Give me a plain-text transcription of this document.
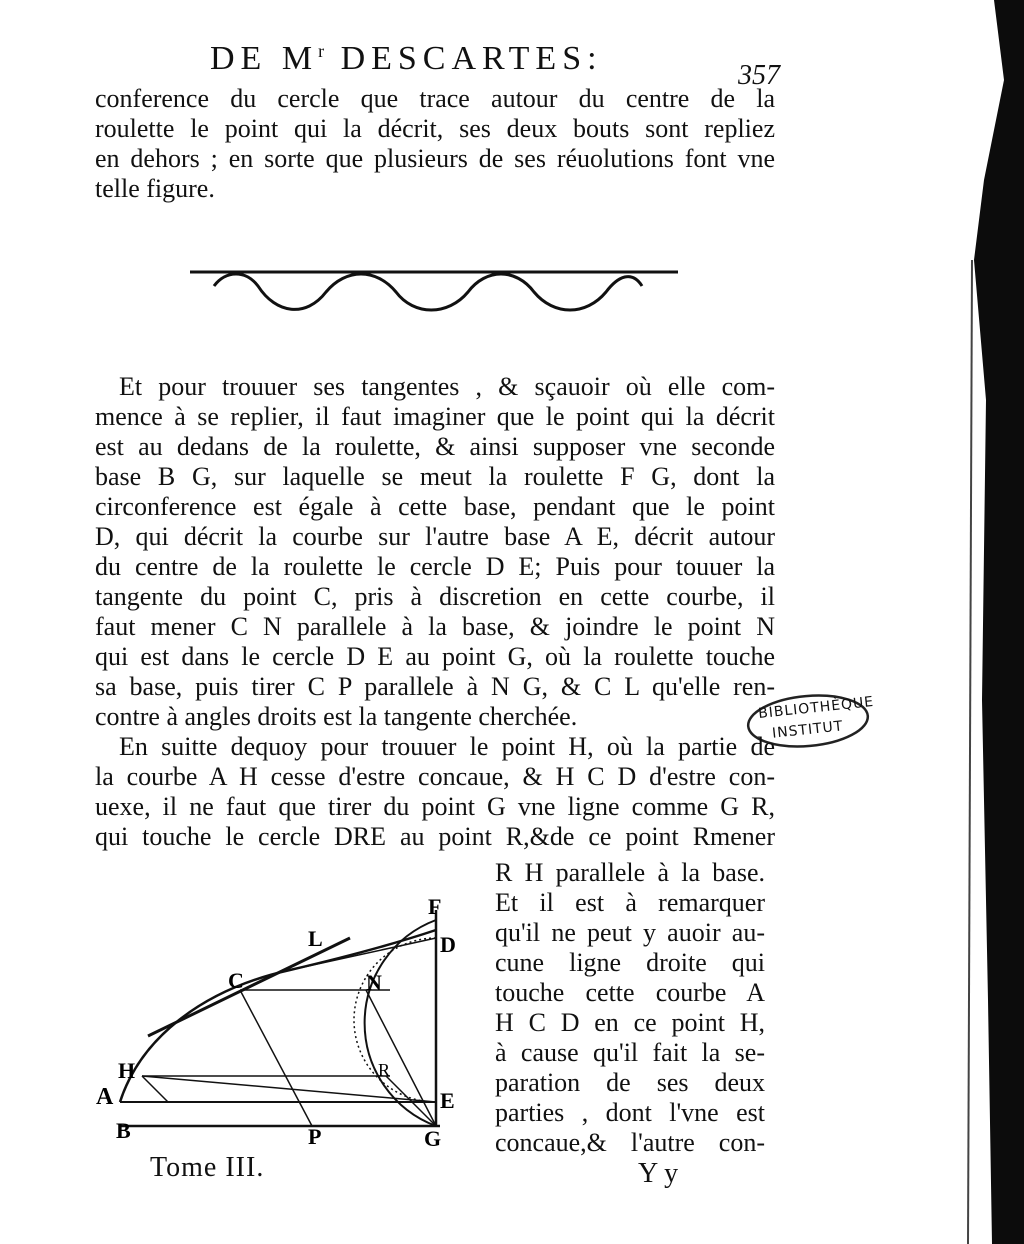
DE $M^r$ DESCARTES:	357
conference du cercle que trace autour du centre de la
roulette le point qui la décrit, ses deux bouts sont repliez
en dehors ; en sorte que plusieurs de ses réuolutions font vne
telle figure.
Et pour trouuer ses tangentes , & sçauoir où elle com-
mence à se replier, il faut imaginer que le point qui la décrit
est au dedans de la roulette, & ainsi supposer vne seconde
base B G, sur laquelle se meut la roulette F G, dont la
circonference est égale à cette base, pendant que le point
D, qui décrit la courbe sur l'autre base A E, décrit autour
du centre de la roulette le cercle D E; Puis pour touuer la
tangente du point C, pris à discretion en cette courbe, il
faut mener C N parallele à la base, & joindre le point N
qui est dans le cercle D E au point G, où la roulette touche
sa base, puis tirer C P parallele à N G, & C L qu'elle ren-
contre à angles droits est la tangente cherchée.	BIBLIOTHÈQUE
INSTITUT
En suitte dequoy pour trouuer le point H, où la partie de
la courbe A H cesse d'estre concaue, & H C D d'estre con-
uexe, il ne faut que tirer du point G vne ligne comme G R,
qui touche le cercle DRE au point R,&de ce point Rmener
R H parallele à la base.
Et il est à remarquer
qu'il ne peut y auoir au-
cune ligne droite qui
touche cette courbe A
H C D en ce point H,
à cause qu'il fait la se-
paration de ses deux
parties , dont l'vne est
concaue,& l'autre con-
F
D
L
C	N
H
A
R
E
B	P	G
Tome III.	Y y
